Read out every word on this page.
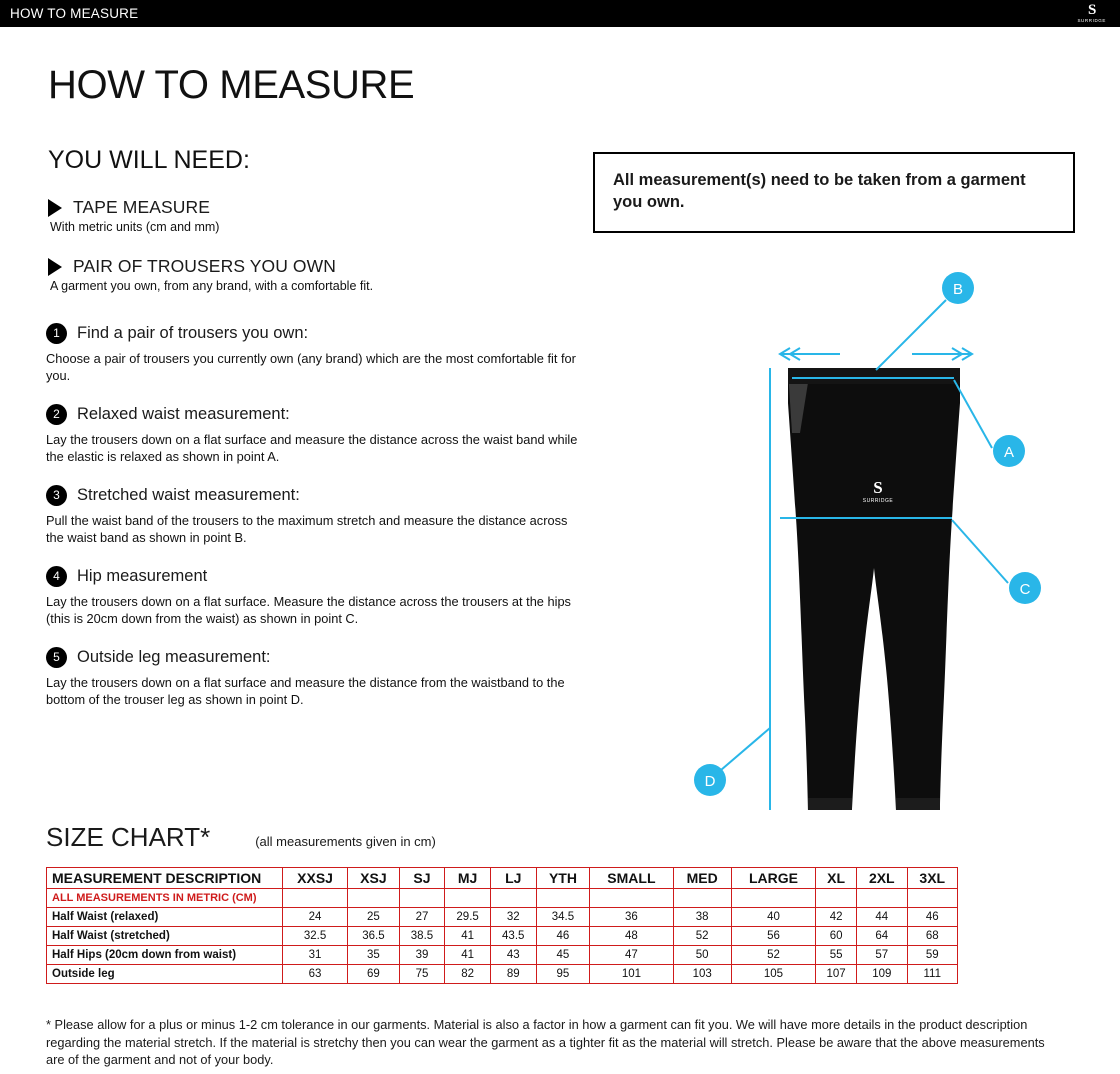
HOW TO MEASURE	S
SURRIDGE
HOW TO MEASURE
YOU WILL NEED:
TAPE MEASURE
With metric units (cm and mm)
PAIR OF TROUSERS YOU OWN
A garment you own, from any brand, with a comfortable fit.
1	Find a pair of trousers you own:
Choose a pair of trousers you currently own (any brand) which are the most comfortable fit for you.
2	Relaxed waist measurement:
Lay the trousers down on a flat surface and measure the distance across the waist band while the elastic is relaxed as shown in point A.
3	Stretched waist measurement:
Pull the waist band of the trousers to the maximum stretch and measure the distance across the waist band as shown in point B.
4	Hip measurement
Lay the trousers down on a flat surface. Measure the distance across the trousers at the hips (this is 20cm down from the waist) as shown in point C.
5	Outside leg measurement:
Lay the trousers down on a flat surface and measure the distance from the waistband to the bottom of the trouser leg as shown in point D.
All measurement(s) need to be taken from a garment you own.
S
SURRIDGE
B
A
C
D
SIZE CHART*	(all measurements given in cm)
MEASUREMENT DESCRIPTION	XXSJ	XSJ	SJ	MJ	LJ	YTH	SMALL	MED	LARGE	XL	2XL	3XL
ALL MEASUREMENTS IN METRIC (CM)												
Half Waist (relaxed)	24	25	27	29.5	32	34.5	36	38	40	42	44	46
Half Waist (stretched)	32.5	36.5	38.5	41	43.5	46	48	52	56	60	64	68
Half Hips (20cm down from waist)	31	35	39	41	43	45	47	50	52	55	57	59
Outside leg	63	69	75	82	89	95	101	103	105	107	109	111
* Please allow for a plus or minus 1-2 cm tolerance in our garments. Material is also a factor in how a garment can fit you. We will have more details in the product description regarding the material stretch. If the material is stretchy then you can wear the garment as a tighter fit as the material will stretch. Please be aware that the above measurements are of the garment and not of your body.
